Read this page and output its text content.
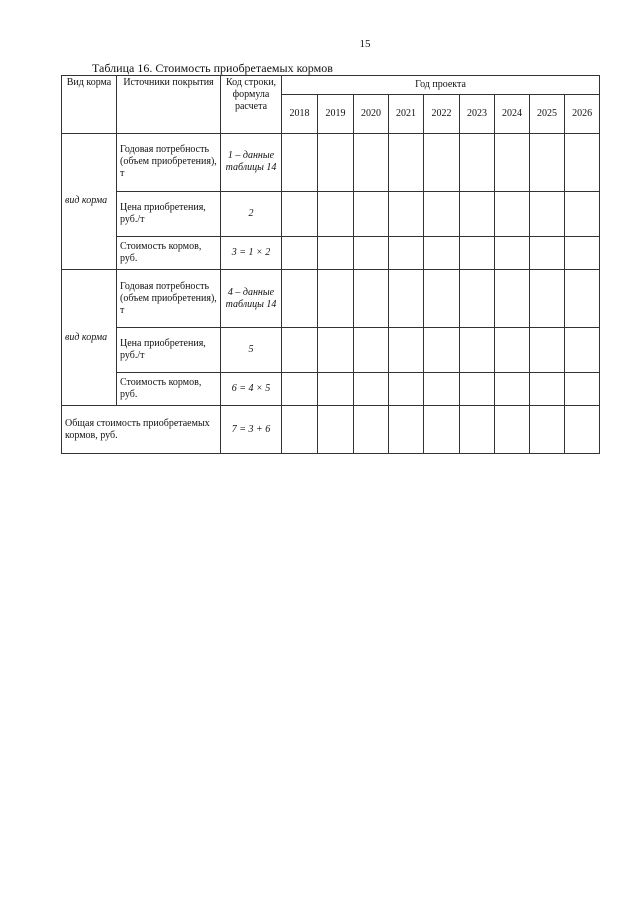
15
Таблица 16. Стоимость приобретаемых кормов
Вид корма	Источники покрытия	Код строки, формула расчета	Год проекта								
			2018	2019	2020	2021	2022	2023	2024	2025	2026
вид корма	Годовая потребность (объем приобретения), т	1 – данные таблицы 14									
	Цена приобретения, руб./т	2									
	Стоимость кормов, руб.	3 = 1 × 2									
вид корма	Годовая потребность (объем приобретения), т	4 – данные таблицы 14									
	Цена приобретения, руб./т	5									
	Стоимость кормов, руб.	6 = 4 × 5									
Общая стоимость приобретаемых кормов, руб.		7 = 3 + 6									
